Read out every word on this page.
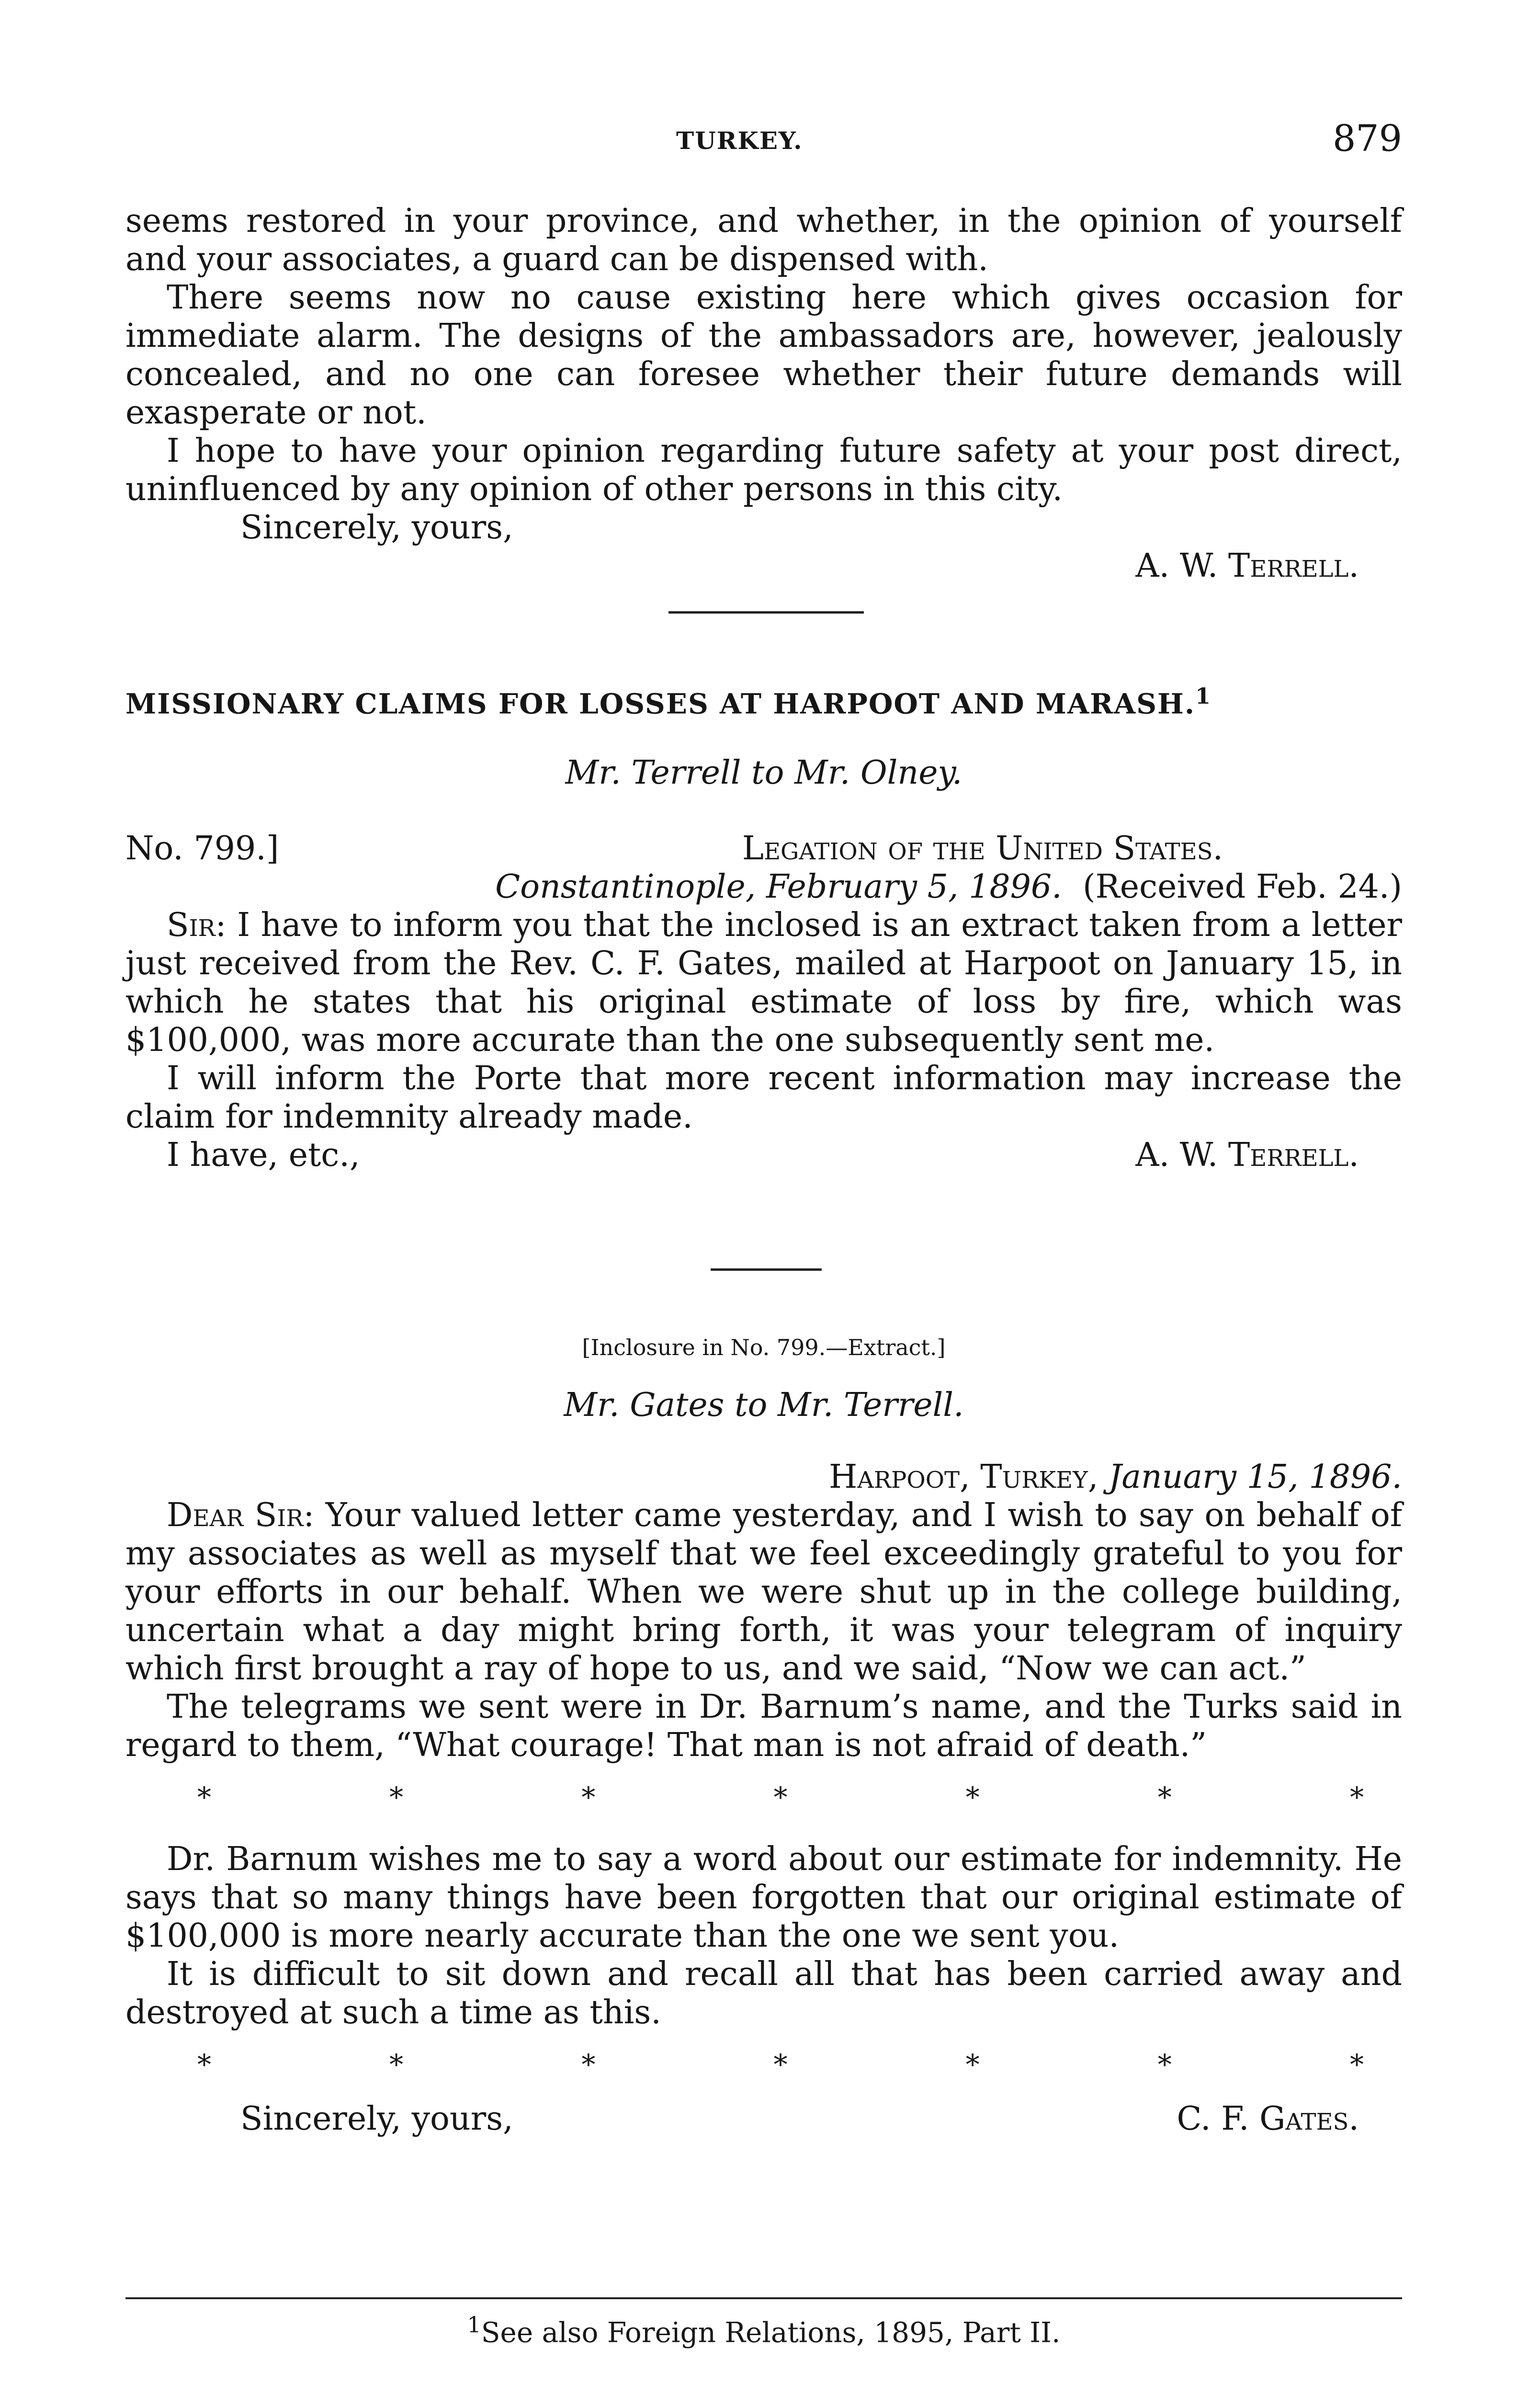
TURKEY.	879
seems restored in your province, and whether, in the opinion of yourself
and your associates, a guard can be dispensed with.

There seems now no cause existing here which gives occasion for immediate alarm. The designs of the ambassadors are, however, jealously concealed, and no one can foresee whether their future demands will exasperate or not.

I hope to have your opinion regarding future safety at your post direct, uninfluenced by any opinion of other persons in this city.

Sincerely, yours,
A. W. Terrell.
MISSIONARY CLAIMS FOR LOSSES AT HARPOOT AND MARASH.$^1$
Mr. Terrell to Mr. Olney.
No. 799.]	Legation of the United States.
Constantinople, February 5, 1896. (Received Feb. 24.)

Sir: I have to inform you that the inclosed is an extract taken from a letter just received from the Rev. C. F. Gates, mailed at Harpoot on January 15, in which he states that his original estimate of loss by fire, which was $100,000, was more accurate than the one subsequently sent me.

I will inform the Porte that more recent information may increase the claim for indemnity already made.

I have, etc.,	A. W. Terrell.
[Inclosure in No. 799.—Extract.]
Mr. Gates to Mr. Terrell.
Harpoot, Turkey, January 15, 1896.

Dear Sir: Your valued letter came yesterday, and I wish to say on behalf of my associates as well as myself that we feel exceedingly grateful to you for your efforts in our behalf. When we were shut up in the college building, uncertain what a day might bring forth, it was your telegram of inquiry which first brought a ray of hope to us, and we said, “Now we can act.”

The telegrams we sent were in Dr. Barnum’s name, and the Turks said in regard to them, “What courage! That man is not afraid of death.”

*	*	*	*	*	*	*

Dr. Barnum wishes me to say a word about our estimate for indemnity. He says that so many things have been forgotten that our original estimate of $100,000 is more nearly accurate than the one we sent you.

It is difficult to sit down and recall all that has been carried away and destroyed at such a time as this.

*	*	*	*	*	*	*
Sincerely, yours,	C. F. Gates.
$^1$See also Foreign Relations, 1895, Part II.
